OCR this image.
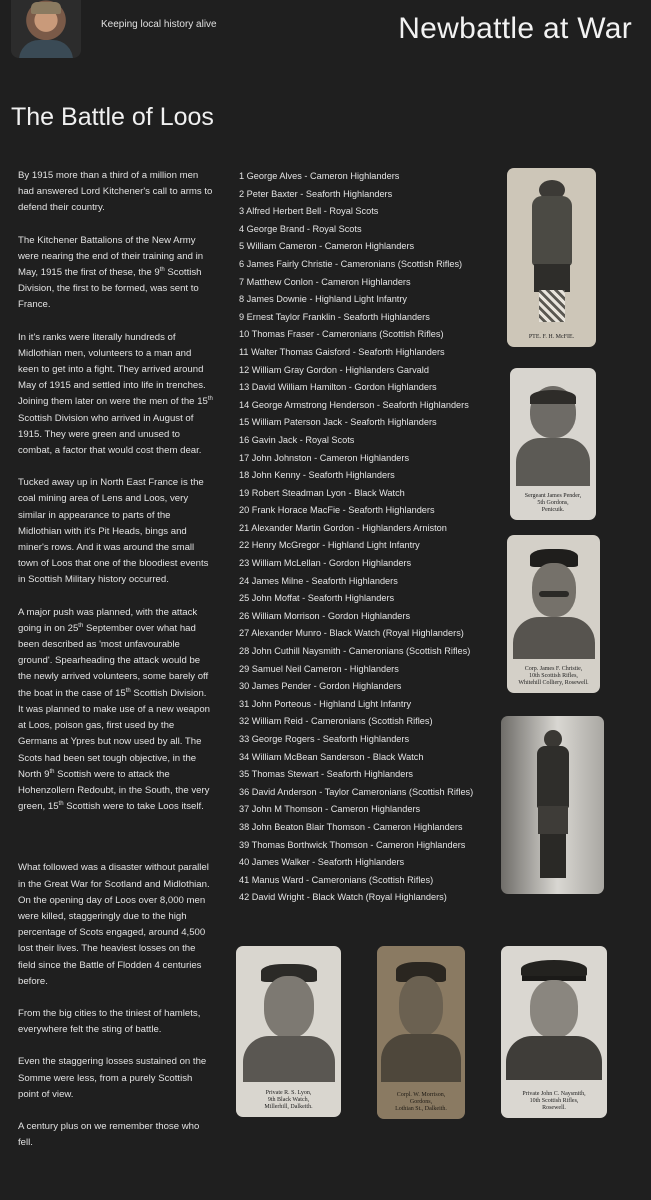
Keeping local history alive	Newbattle at War
The Battle of Loos

By 1915 more than a third of a million men had answered Lord Kitchener's call to arms to defend their country.

The Kitchener Battalions of the New Army were nearing the end of their training and in May, 1915 the first of these, the 9th Scottish Division, the first to be formed, was sent to France.

In it's ranks were literally hundreds of Midlothian men, volunteers to a man and keen to get into a fight. They arrived around May of 1915 and settled into life in trenches. Joining them later on were the men of the 15th Scottish Division who arrived in August of 1915. They were green and unused to combat, a factor that would cost them dear.

Tucked away up in North East France is the coal mining area of Lens and Loos, very similar in appearance to parts of the Midlothian with it's Pit Heads, bings and miner's rows. And it was around the small town of Loos that one of the bloodiest events in Scottish Military history occurred.

A major push was planned, with the attack going in on 25th September over what had been described as 'most unfavourable ground'. Spearheading the attack would be the newly arrived volunteers, some barely off the boat in the case of 15th Scottish Division.

It was planned to make use of a new weapon at Loos, poison gas, first used by the Germans at Ypres but now used by all. The Scots had been set tough objective, in the North 9th Scottish were to attack the Hohenzollern Redoubt, in the South, the very green, 15th Scottish were to take Loos itself.

What followed was a disaster without parallel in the Great War for Scotland and Midlothian. On the opening day of Loos over 8,000 men were killed, staggeringly due to the high percentage of Scots engaged, around 4,500 lost their lives. The heaviest losses on the field since the Battle of Flodden 4 centuries before.

From the big cities to the tiniest of hamlets, everywhere felt the sting of battle.

Even the staggering losses sustained on the Somme were less, from a purely Scottish point of view.

A century plus on we remember those who fell.

1 George Alves - Cameron Highlanders
2 Peter Baxter - Seaforth Highlanders
3 Alfred Herbert Bell - Royal Scots
4 George Brand - Royal Scots
5 William Cameron - Cameron Highlanders
6 James Fairly Christie - Cameronians (Scottish Rifles)
7 Matthew Conlon - Cameron Highlanders
8 James Downie - Highland Light Infantry
9 Ernest Taylor Franklin - Seaforth Highlanders
10 Thomas Fraser - Cameronians (Scottish Rifles)
11 Walter Thomas Gaisford - Seaforth Highlanders
12 William Gray Gordon - Highlanders Garvald
13 David William Hamilton - Gordon Highlanders
14 George Armstrong Henderson - Seaforth Highlanders
15 William Paterson Jack - Seaforth Highlanders
16 Gavin Jack - Royal Scots
17 John Johnston - Cameron Highlanders
18 John Kenny - Seaforth Highlanders
19 Robert Steadman Lyon - Black Watch
20 Frank Horace MacFie - Seaforth Highlanders
21 Alexander Martin Gordon - Highlanders Arniston
22 Henry McGregor - Highland Light Infantry
23 William McLellan - Gordon Highlanders
24 James Milne - Seaforth Highlanders
25 John Moffat - Seaforth Highlanders
26 William Morrison - Gordon Highlanders
27 Alexander Munro - Black Watch (Royal Highlanders)
28 John Cuthill Naysmith - Cameronians (Scottish Rifles)
29 Samuel Neil Cameron - Highlanders
30 James Pender - Gordon Highlanders
31 John Porteous - Highland Light Infantry
32 William Reid - Cameronians (Scottish Rifles)
33 George Rogers - Seaforth Highlanders
34 William McBean Sanderson - Black Watch
35 Thomas Stewart - Seaforth Highlanders
36 David Anderson - Taylor Cameronians (Scottish Rifles)
37 John M Thomson - Cameron Highlanders
38 John Beaton Blair Thomson - Cameron Highlanders
39 Thomas Borthwick Thomson - Cameron Highlanders
40 James Walker - Seaforth Highlanders
41 Manus Ward - Cameronians (Scottish Rifles)
42 David Wright - Black Watch (Royal Highlanders)
PTE. F. H. McFIE.
Sergeant James Pender,
5th Gordons,
Penicuik.
Corp. James F. Christie,
10th Scottish Rifles,
Whitehill Colliery, Rosewell.
Private R. S. Lyon,
9th Black Watch,
Millerhill, Dalkeith.
Corpl. W. Morrison,
Gordons,
Lothian St., Dalkeith.
Private John C. Naysmith,
10th Scottish Rifles,
Rosewell.
